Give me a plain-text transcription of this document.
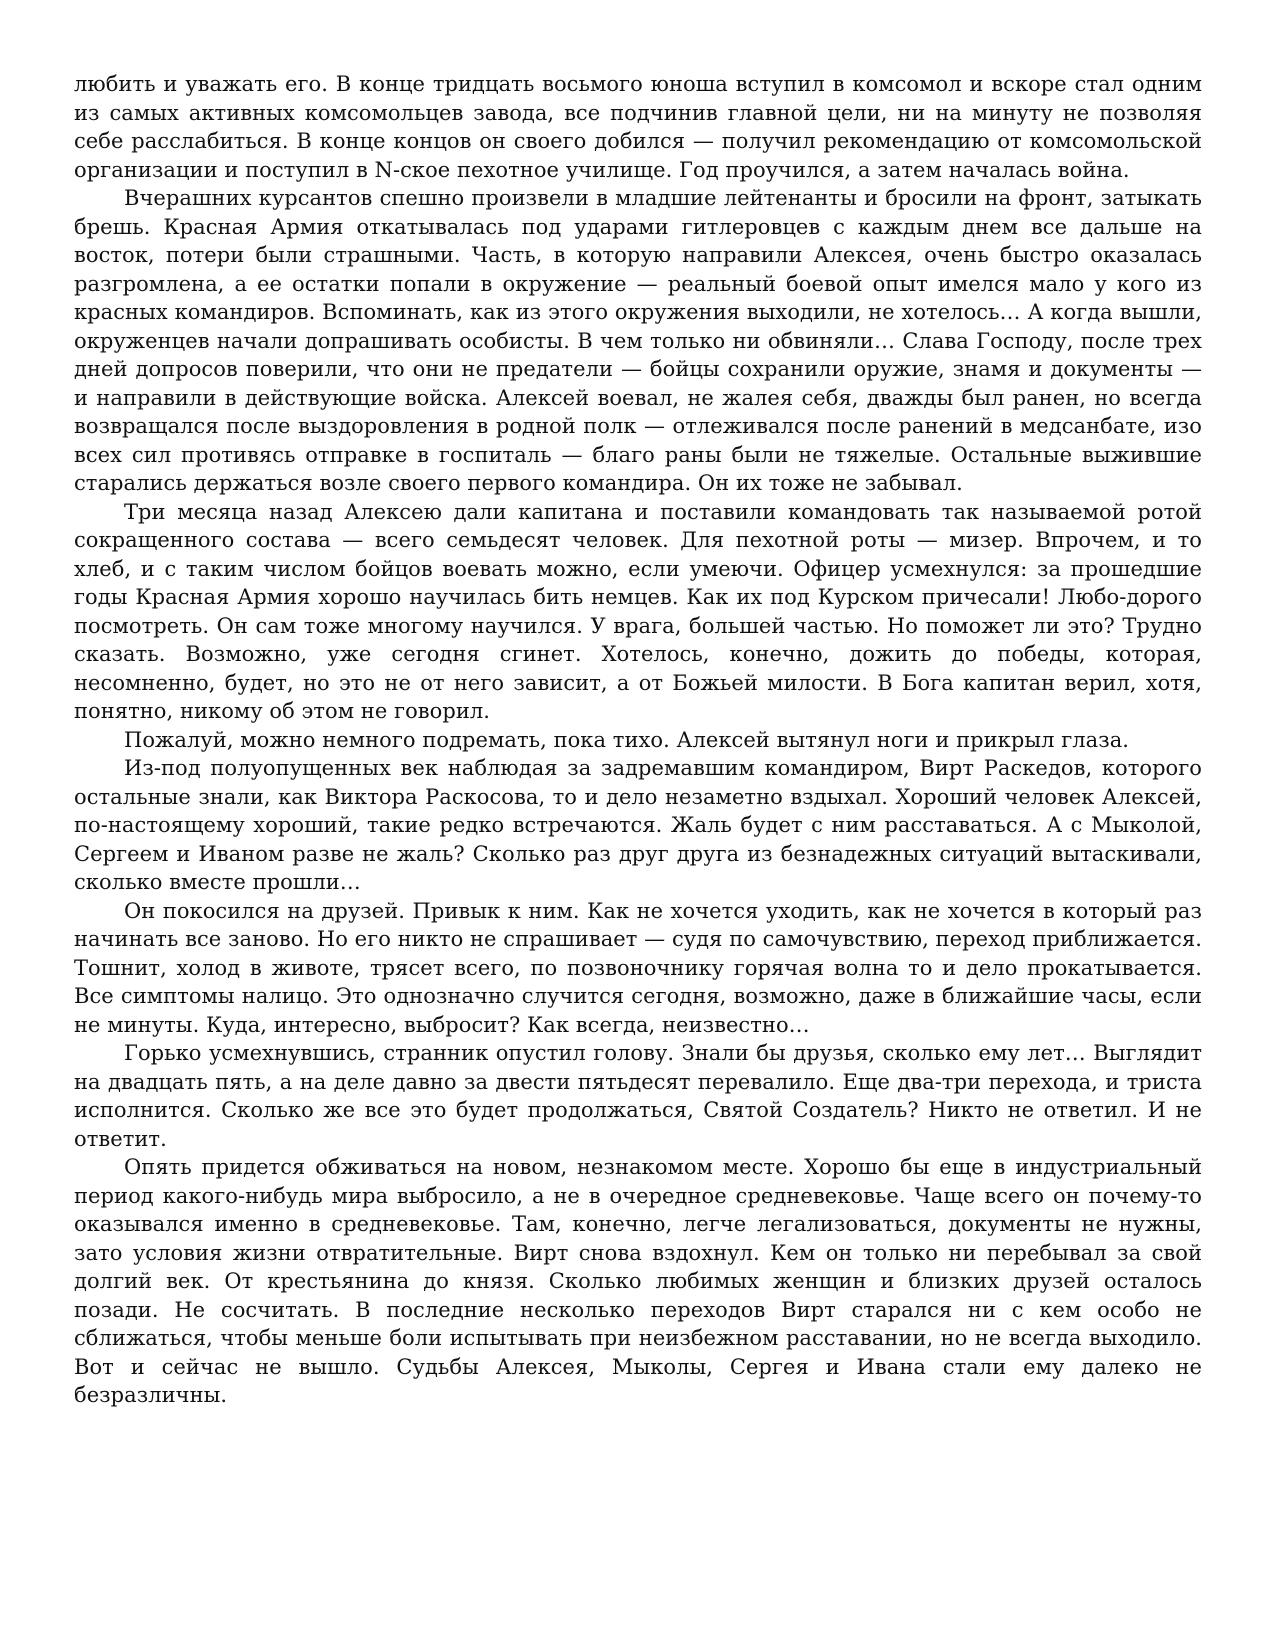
любить и уважать его. В конце тридцать восьмого юноша вступил в комсомол и вскоре стал одним из самых активных комсомольцев завода, все подчинив главной цели, ни на минуту не позволяя себе расслабиться. В конце концов он своего добился — получил рекомендацию от комсомольской организации и поступил в N-ское пехотное училище. Год проучился, а затем началась война.

Вчерашних курсантов спешно произвели в младшие лейтенанты и бросили на фронт, затыкать брешь. Красная Армия откатывалась под ударами гитлеровцев с каждым днем все дальше на восток, потери были страшными. Часть, в которую направили Алексея, очень быстро оказалась разгромлена, а ее остатки попали в окружение — реальный боевой опыт имелся мало у кого из красных командиров. Вспоминать, как из этого окружения выходили, не хотелось… А когда вышли, окруженцев начали допрашивать особисты. В чем только ни обвиняли… Слава Господу, после трех дней допросов поверили, что они не предатели — бойцы сохранили оружие, знамя и документы — и направили в действующие войска. Алексей воевал, не жалея себя, дважды был ранен, но всегда возвращался после выздоровления в родной полк — отлеживался после ранений в медсанбате, изо всех сил противясь отправке в госпиталь — благо раны были не тяжелые. Остальные выжившие старались держаться возле своего первого командира. Он их тоже не забывал.

Три месяца назад Алексею дали капитана и поставили командовать так называемой ротой сокращенного состава — всего семьдесят человек. Для пехотной роты — мизер. Впрочем, и то хлеб, и с таким числом бойцов воевать можно, если умеючи. Офицер усмехнулся: за прошедшие годы Красная Армия хорошо научилась бить немцев. Как их под Курском причесали! Любо-дорого посмотреть. Он сам тоже многому научился. У врага, большей частью. Но поможет ли это? Трудно сказать. Возможно, уже сегодня сгинет. Хотелось, конечно, дожить до победы, которая, несомненно, будет, но это не от него зависит, а от Божьей милости. В Бога капитан верил, хотя, понятно, никому об этом не говорил.

Пожалуй, можно немного подремать, пока тихо. Алексей вытянул ноги и прикрыл глаза.

Из-под полуопущенных век наблюдая за задремавшим командиром, Вирт Раскедов, которого остальные знали, как Виктора Раскосова, то и дело незаметно вздыхал. Хороший человек Алексей, по-настоящему хороший, такие редко встречаются. Жаль будет с ним расставаться. А с Мыколой, Сергеем и Иваном разве не жаль? Сколько раз друг друга из безнадежных ситуаций вытаскивали, сколько вместе прошли…

Он покосился на друзей. Привык к ним. Как не хочется уходить, как не хочется в который раз начинать все заново. Но его никто не спрашивает — судя по самочувствию, переход приближается. Тошнит, холод в животе, трясет всего, по позвоночнику горячая волна то и дело прокатывается. Все симптомы налицо. Это однозначно случится сегодня, возможно, даже в ближайшие часы, если не минуты. Куда, интересно, выбросит? Как всегда, неизвестно…

Горько усмехнувшись, странник опустил голову. Знали бы друзья, сколько ему лет… Выглядит на двадцать пять, а на деле давно за двести пятьдесят перевалило. Еще два-три перехода, и триста исполнится. Сколько же все это будет продолжаться, Святой Создатель? Никто не ответил. И не ответит.

Опять придется обживаться на новом, незнакомом месте. Хорошо бы еще в индустриальный период какого-нибудь мира выбросило, а не в очередное средневековье. Чаще всего он почему-то оказывался именно в средневековье. Там, конечно, легче легализоваться, документы не нужны, зато условия жизни отвратительные. Вирт снова вздохнул. Кем он только ни перебывал за свой долгий век. От крестьянина до князя. Сколько любимых женщин и близких друзей осталось позади. Не сосчитать. В последние несколько переходов Вирт старался ни с кем особо не сближаться, чтобы меньше боли испытывать при неизбежном расставании, но не всегда выходило. Вот и сейчас не вышло. Судьбы Алексея, Мыколы, Сергея и Ивана стали ему далеко не безразличны.
